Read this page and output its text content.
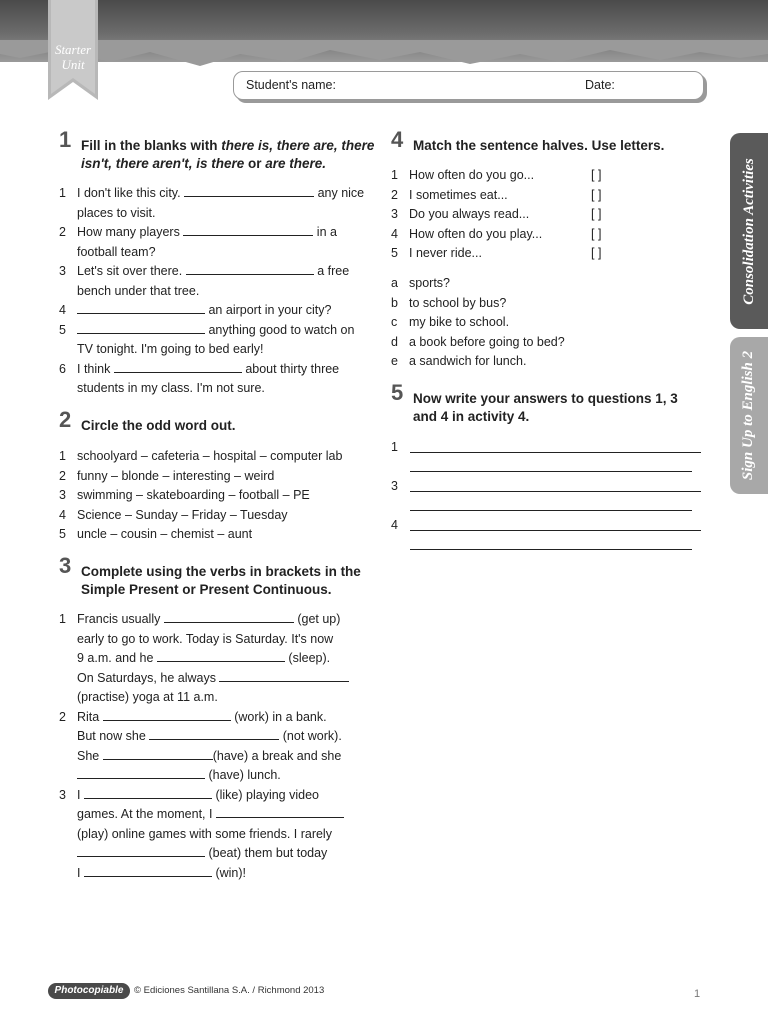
Starter
Unit
Student's name:	Date:
Consolidation Activities
Sign Up to English 2
1 Fill in the blanks with there is, there are, there isn't, there aren't, is there or are there.
1 I don't like this city.	any nice
places to visit.
2 How many players	in a
football team?
3 Let's sit over there.	a free
bench under that tree.
4	an airport in your city?
5	anything good to watch on
TV tonight. I'm going to bed early!
6 I think	about thirty three
students in my class. I'm not sure.
2 Circle the odd word out.
1 schoolyard – cafeteria – hospital – computer lab
2 funny – blonde – interesting – weird
3 swimming – skateboarding – football – PE
4 Science – Sunday – Friday – Tuesday
5 uncle – cousin – chemist – aunt
3 Complete using the verbs in brackets in the
Simple Present or Present Continuous.
1 Francis usually	(get up)
early to go to work. Today is Saturday. It's now
9 a.m. and he	(sleep).
On Saturdays, he always
(practise) yoga at 11 a.m.
2 Rita	(work) in a bank.
But now she	(not work).
She	(have) a break and she
(have) lunch.
3 I	(like) playing video
games. At the moment, I
(play) online games with some friends. I rarely
(beat) them but today
I	(win)!
4 Match the sentence halves. Use letters.
1 How often do you go...	[ ]
2 I sometimes eat...	[ ]
3 Do you always read...	[ ]
4 How often do you play...	[ ]
5 I never ride...	[ ]
a sports?
b to school by bus?
c my bike to school.
d a book before going to bed?
e a sandwich for lunch.
5 Now write your answers to questions 1, 3
and 4 in activity 4.
1
3
4
Photocopiable	© Ediciones Santillana S.A. / Richmond 2013	1
